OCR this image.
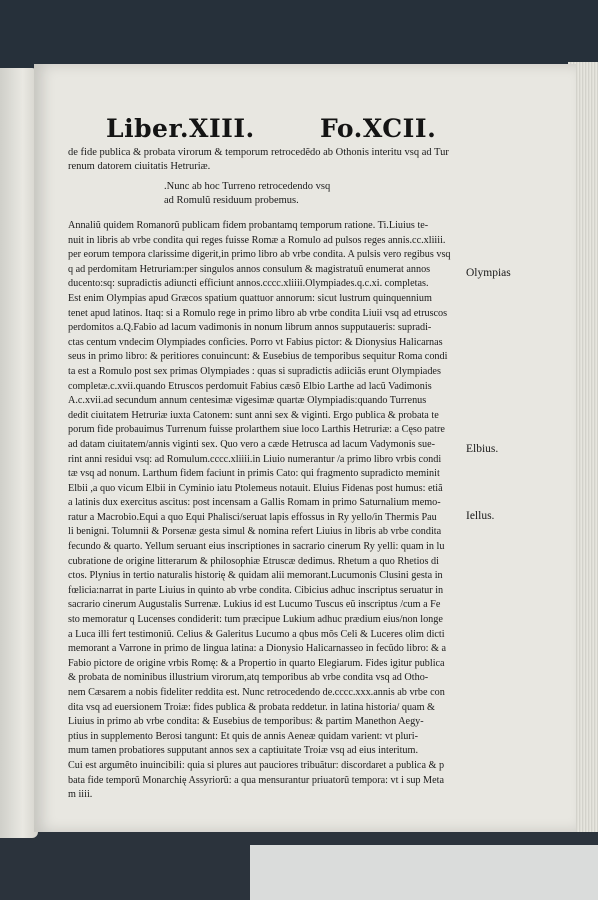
Liber.XIII.	Fo.XCII.
de fide publica & probata virorum & temporum retrocedẽdo ab Othonis interitu vsq ad Tur
renum datorem ciuitatis Hetruriæ.
.Nunc ab hoc Turreno retrocedendo vsq
ad Romulũ residuum probemus.
Annaliũ quidem Romanorũ publicam fidem probantamq temporum ratione. Ti.Liuius te-
nuit in libris ab vrbe condita qui reges fuisse Romæ a Romulo ad pulsos reges annis.cc.xliiii.
per eorum tempora clarissime digerit,in primo libro ab vrbe condita. A pulsis vero regibus vsq
q ad perdomitam Hetruriam:per singulos annos consulum & magistratuũ enumerat annos
ducento:sq: supradictis adiuncti efficiunt annos.cccc.xliiii.Olympiades.q.c.xi. completas.
Est enim Olympias apud Græcos spatium quattuor annorum: sicut lustrum quinquennium
tenet apud latinos. Itaq: si a Romulo rege in primo libro ab vrbe condita Liuii vsq ad etruscos
perdomitos a.Q.Fabio ad lacum vadimonis in nonum librum annos supputaueris: supradi-
ctas centum vndecim Olympiades conficies. Porro vt Fabius pictor: & Dionysius Halicarnas
seus in primo libro: & peritiores conuincunt: & Eusebius de temporibus sequitur Roma condi
ta est a Romulo post sex primas Olympiades : quas si supradictis adiiciãs erunt Olympiades
completæ.c.xvii.quando Etruscos perdomuit Fabius cæsõ Elbio Larthe ad lacũ Vadimonis
A.c.xvii.ad secundum annum centesimæ vigesimæ quartæ Olympiadis:quando Turrenus
dedit ciuitatem Hetruriæ iuxta Catonem: sunt anni sex & viginti. Ergo publica & probata te
porum fide probauimus Turrenum fuisse prolarthem siue loco Larthis Hetruriæ: a Cęso patre
ad datam ciuitatem/annis viginti sex. Quo vero a cæde Hetrusca ad lacum Vadymonis sue-
rint anni residui vsq: ad Romulum.cccc.xliiii.in Liuio numerantur /a primo libro vrbis condi
tæ vsq ad nonum. Larthum fidem faciunt in primis Cato: qui fragmento supradicto meminit
Elbii ,a quo vicum Elbii in Cyminio iatu Ptolemeus notauit. Eluius Fidenas post humus: etiã
a latinis dux exercitus ascitus: post incensam a Gallis Romam in primo Saturnalium memo-
ratur a Macrobio.Equi a quo Equi Phalisci/seruat lapis effossus in Ry yello/in Thermis Pau
li benigni. Tolumnii & Porsenæ gesta simul & nomina refert Liuius in libris ab vrbe condita
fecundo & quarto. Yellum seruant eius inscriptiones in sacrario cinerum Ry yelli: quam in lu
cubratione de origine litterarum & philosophiæ Etruscæ dedimus. Rhetum a quo Rhetios di
ctos. Plynius in tertio naturalis historię & quidam alii memorant.Lucumonis Clusini gesta in
fœlicia:narrat in parte Liuius in quinto ab vrbe condita. Cibicius adhuc inscriptus seruatur in
sacrario cinerum Augustalis Surrenæ. Lukius id est Lucumo Tuscus eũ inscriptus /cum a Fe
sto memoratur q Lucenses condiderit: tum præcipue Lukium adhuc prædium eius/non longe
a Luca illi fert testimoniũ. Celius & Galeritus Lucumo a qbus mõs Celi & Luceres olim dicti
memorant a Varrone in primo de lingua latina: a Dionysio Halicarnasseo in fecũdo libro: & a
Fabio pictore de origine vrbis Romę: & a Propertio in quarto Elegiarum. Fides igitur publica
& probata de nominibus illustrium virorum,atq temporibus ab vrbe condita vsq ad Otho-
nem Cæsarem a nobis fideliter reddita est. Nunc retrocedendo de.cccc.xxx.annis ab vrbe con
dita vsq ad euersionem Troiæ: fides publica & probata reddetur. in latina historia/ quam &
Liuius in primo ab vrbe condita: & Eusebius de temporibus: & partim Manethon Aegy-
ptius in supplemento Berosi tangunt: Et quis de annis Aeneæ quidam varient: vt pluri-
mum tamen probatiores supputant annos sex a captiuitate Troiæ vsq ad eius interitum.
Cui est argumẽto inuincibili: quia si plures aut pauciores tribuãtur: discordaret a publica & p
bata fide temporũ Monarchię Assyriorũ: a qua mensurantur priuatorũ tempora: vt i sup Meta
m iiii.
Olympias
Elbius.
Iellus.
